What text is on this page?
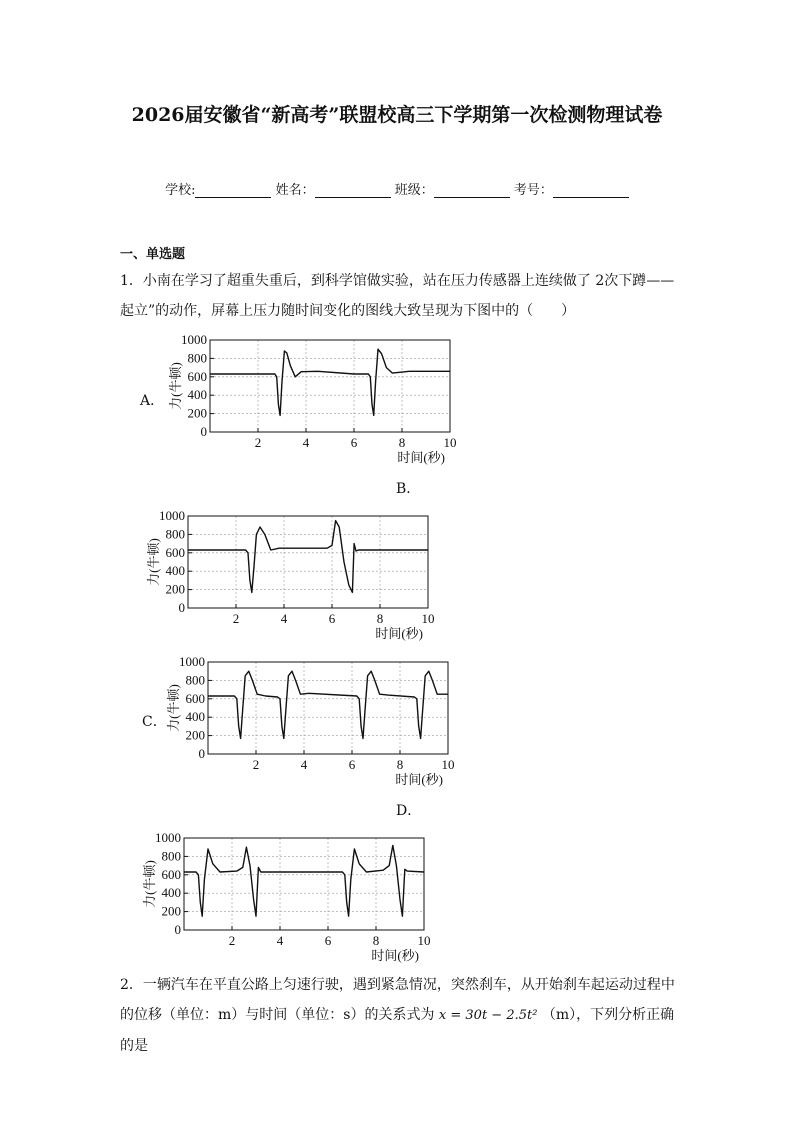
2026届安徽省“新高考”联盟校高三下学期第一次检测物理试卷
学校:	姓名：	班级：	考号：
一、单选题
1．小南在学习了超重失重后，到科学馆做实验，站在压力传感器上连续做了 2次下蹲——
起立”的动作，屏幕上压力随时间变化的图线大致呈现为下图中的（　　）
A．
0
200
400
600
800
1000
2	4	6	8	10
时间(秒)
力(牛顿)
B．
0
200
400
600
800
1000
2	4	6	8	10
时间(秒)
力(牛顿)
C．
0
200
400
600
800
1000
2	4	6	8	10
时间(秒)
力(牛顿)
D．
0
200
400
600
800
1000
2	4	6	8	10
时间(秒)
力(牛顿)
2．一辆汽车在平直公路上匀速行驶，遇到紧急情况，突然刹车，从开始刹车起运动过程中
的位移（单位：m）与时间（单位：s）的关系式为 x = 30t − 2.5t² （m），下列分析正确的是
